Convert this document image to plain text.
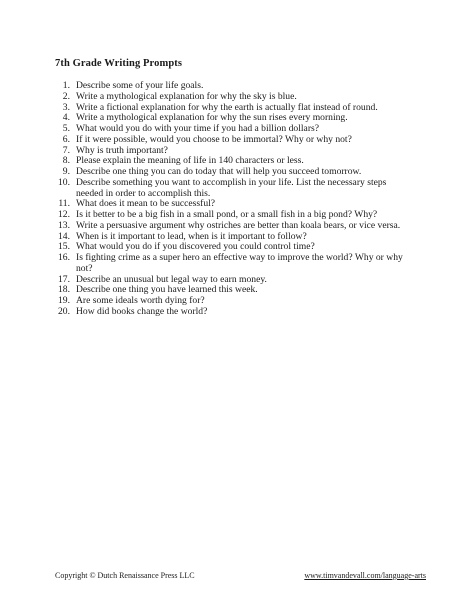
7th Grade Writing Prompts
1. Describe some of your life goals.
2. Write a mythological explanation for why the sky is blue.
3. Write a fictional explanation for why the earth is actually flat instead of round.
4. Write a mythological explanation for why the sun rises every morning.
5. What would you do with your time if you had a billion dollars?
6. If it were possible, would you choose to be immortal? Why or why not?
7. Why is truth important?
8. Please explain the meaning of life in 140 characters or less.
9. Describe one thing you can do today that will help you succeed tomorrow.
10. Describe something you want to accomplish in your life. List the necessary steps needed in order to accomplish this.
11. What does it mean to be successful?
12. Is it better to be a big fish in a small pond, or a small fish in a big pond? Why?
13. Write a persuasive argument why ostriches are better than koala bears, or vice versa.
14. When is it important to lead, when is it important to follow?
15. What would you do if you discovered you could control time?
16. Is fighting crime as a super hero an effective way to improve the world? Why or why not?
17. Describe an unusual but legal way to earn money.
18. Describe one thing you have learned this week.
19. Are some ideals worth dying for?
20. How did books change the world?
Copyright © Dutch Renaissance Press LLC	www.timvandevall.com/language-arts
